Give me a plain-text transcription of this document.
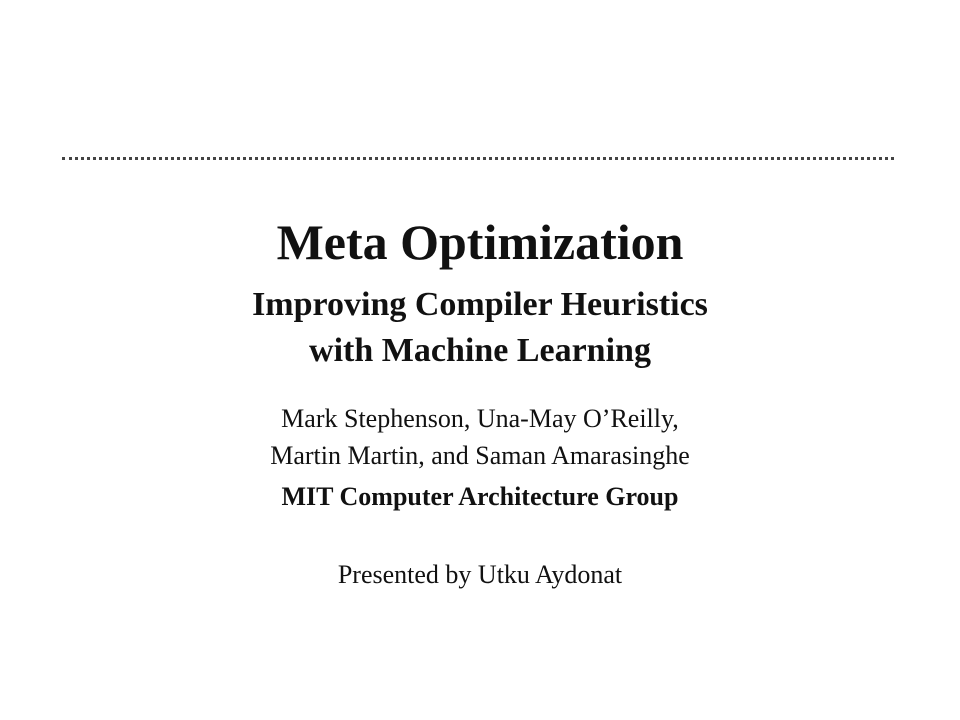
Meta Optimization
Improving Compiler Heuristics
with Machine Learning
Mark Stephenson, Una-May O’Reilly,
Martin Martin, and Saman Amarasinghe
MIT Computer Architecture Group
Presented by Utku Aydonat
